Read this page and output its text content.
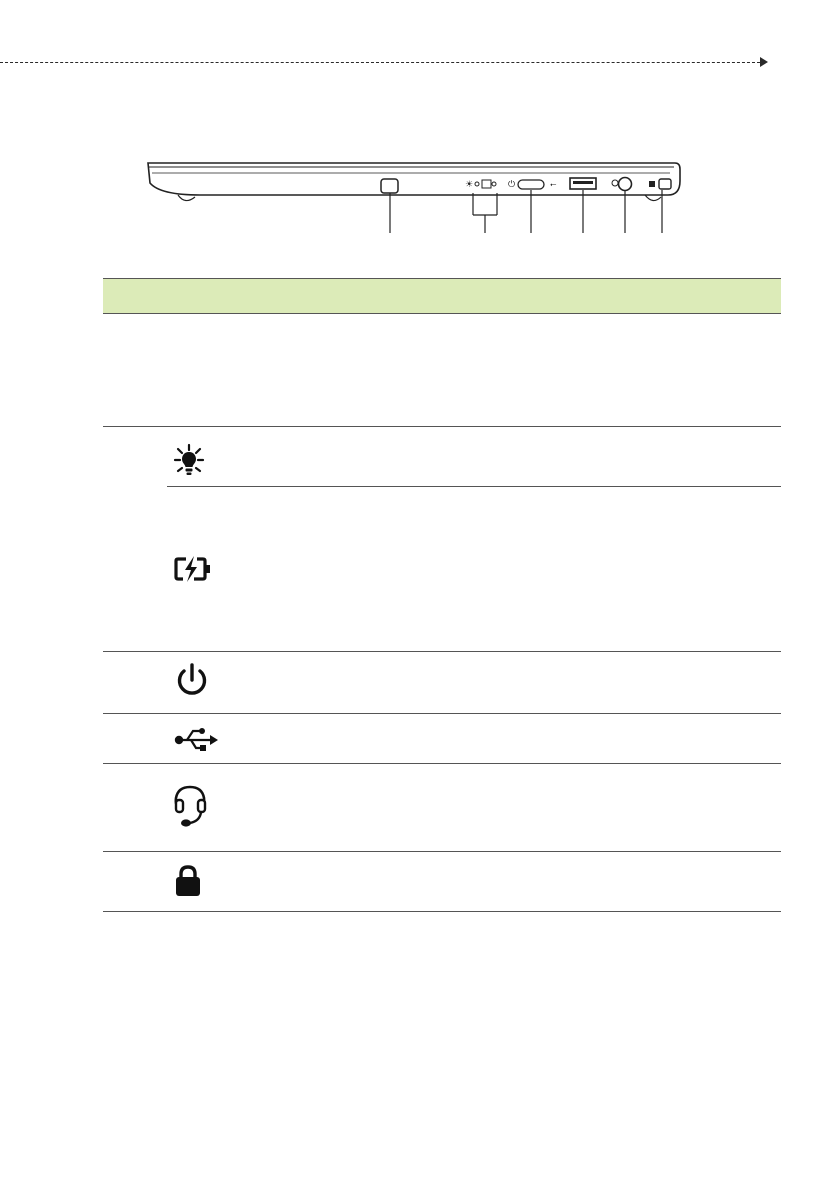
☀	⏻	⭠
